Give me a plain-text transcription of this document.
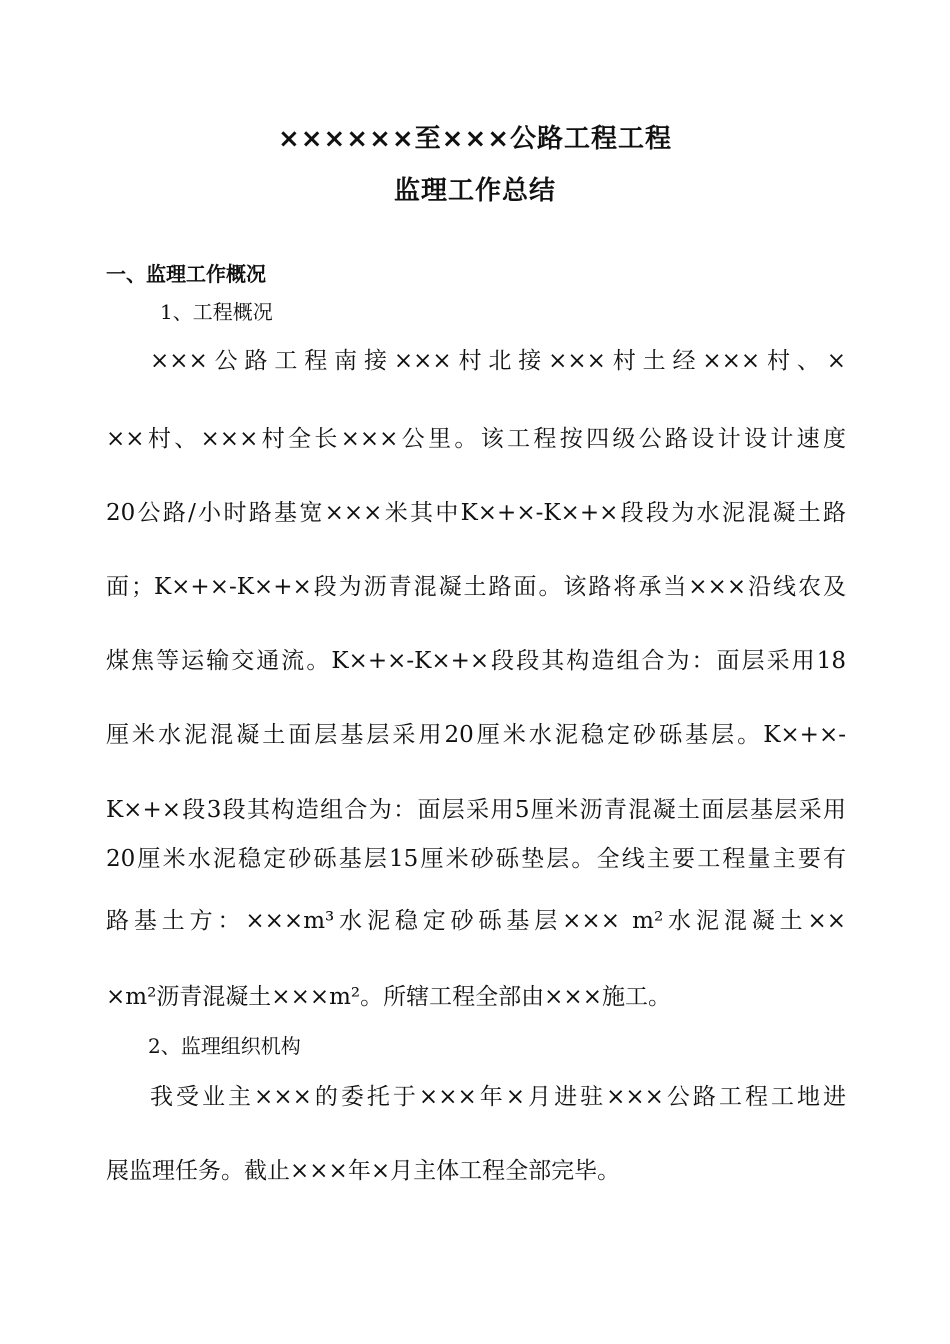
××××××至×××公路工程工程
监理工作总结
一、监理工作概况
1、工程概况
×××公路工程南接×××村北接×××村土经×××村、×
××村、×××村全长×××公里。该工程按四级公路设计设计速度
20公路/小时路基宽×××米其中K×+×-K×+×段段为水泥混凝土路
面；K×+×-K×+×段为沥青混凝土路面。该路将承当×××沿线农及
煤焦等运输交通流。K×+×-K×+×段段其构造组合为：面层采用18
厘米水泥混凝土面层基层采用20厘米水泥稳定砂砾基层。K×+×-
K×+×段3段其构造组合为：面层采用5厘米沥青混凝土面层基层采用
20厘米水泥稳定砂砾基层15厘米砂砾垫层。全线主要工程量主要有
路基土方：×××m³水泥稳定砂砾基层××× m²水泥混凝土××
×m²沥青混凝土×××m²。所辖工程全部由×××施工。
2、监理组织机构
我受业主×××的委托于×××年×月进驻×××公路工程工地进
展监理任务。截止×××年×月主体工程全部完毕。
